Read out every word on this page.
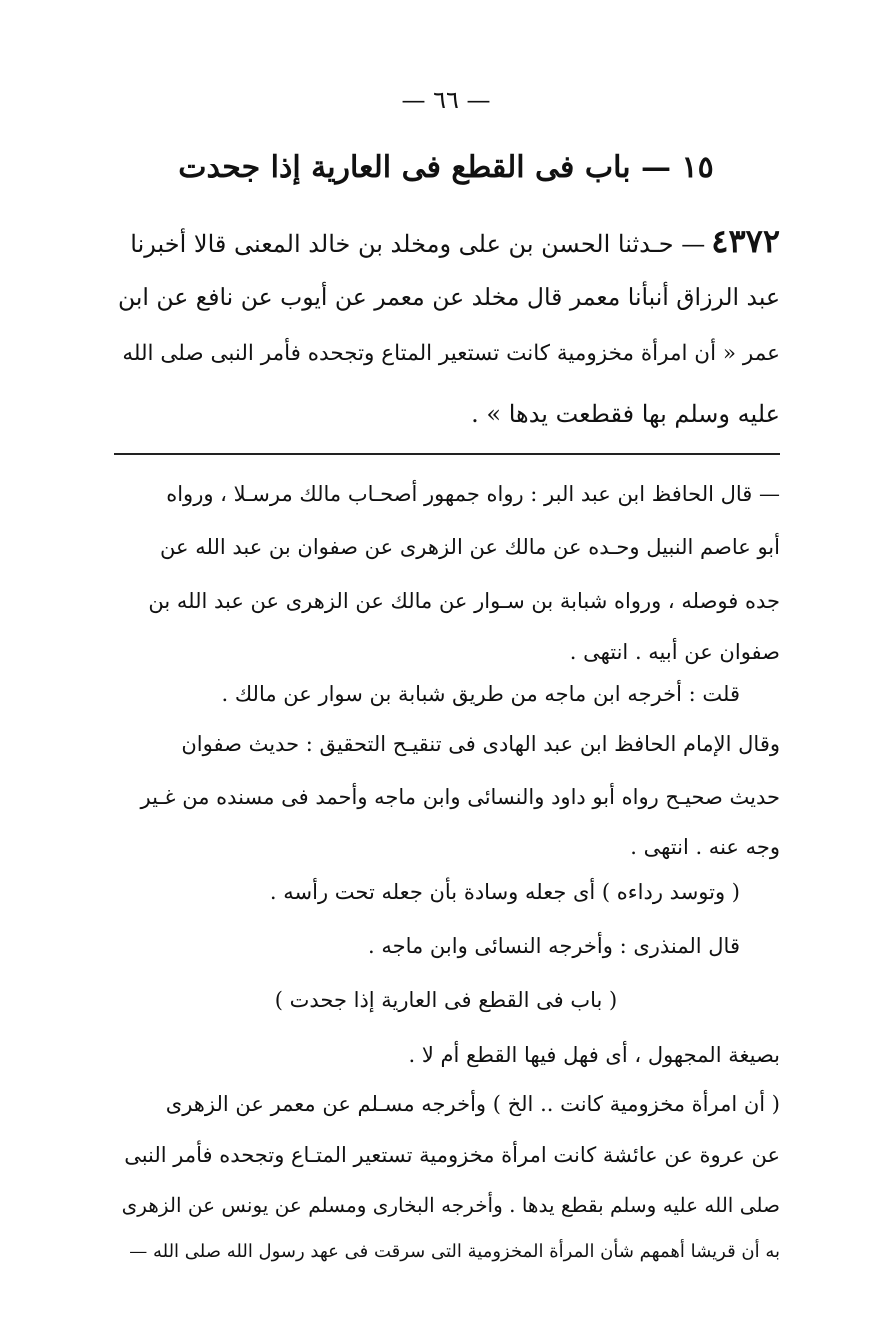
— ٦٦ —
١٥ — باب فى القطع فى العارية إذا جحدت
٤٣٧٢— حـدثنا الحسن بن على ومخلد بن خالد المعنى قالا أخبرنا
عبد الرزاق أنبأنا معمر قال مخلد عن معمر عن أيوب عن نافع عن ابن
عمر « أن امرأة مخزومية كانت تستعير المتاع وتجحده فأمر النبى صلى الله
عليه وسلم بها فقطعت يدها » .
— قال الحافظ ابن عبد البر : رواه جمهور أصحـاب مالك مرسـلا ، ورواه
أبو عاصم النبيل وحـده عن مالك عن الزهرى عن صفوان بن عبد الله عن
جده فوصله ، ورواه شبابة بن سـوار عن مالك عن الزهرى عن عبد الله بن
صفوان عن أبيه . انتهى .
قلت : أخرجه ابن ماجه من طريق شبابة بن سوار عن مالك .
وقال الإمام الحافظ ابن عبد الهادى فى تنقيـح التحقيق : حديث صفوان
حديث صحيـح رواه أبو داود والنسائى وابن ماجه وأحمد فى مسنده من غـير
وجه عنه . انتهى .
( وتوسد رداءه ) أى جعله وسادة بأن جعله تحت رأسه .
قال المنذرى : وأخرجه النسائى وابن ماجه .
( باب فى القطع فى العارية إذا جحدت )
بصيغة المجهول ، أى فهل فيها القطع أم لا .
( أن امرأة مخزومية كانت .. الخ ) وأخرجه مسـلم عن معمر عن الزهرى
عن عروة عن عائشة كانت امرأة مخزومية تستعير المتـاع وتجحده فأمر النبى
صلى الله عليه وسلم بقطع يدها . وأخرجه البخارى ومسلم عن يونس عن الزهرى
به أن قريشا أهمهم شأن المرأة المخزومية التى سرقت فى عهد رسول الله صلى الله —
